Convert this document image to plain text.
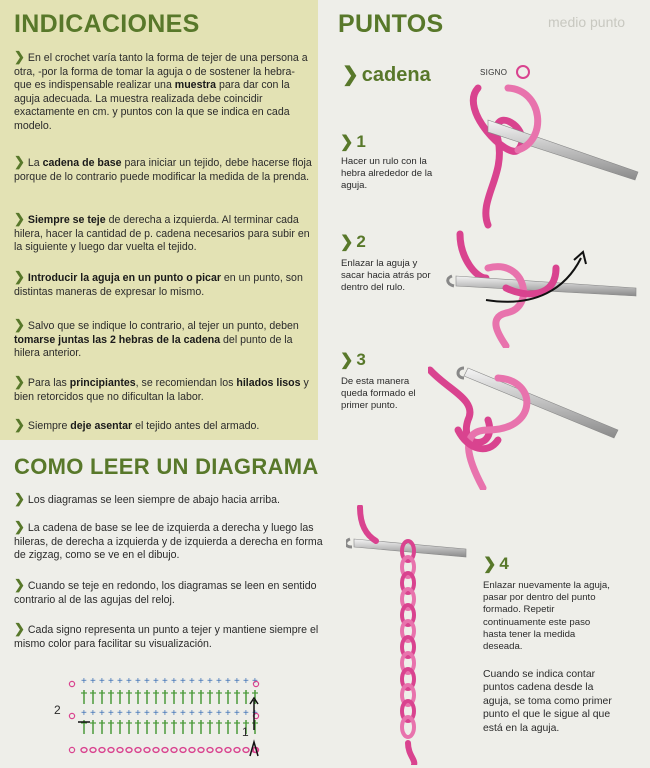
medio punto
INDICACIONES
❯ En el crochet varía tanto la forma de tejer de una persona a otra, -por la forma de tomar la aguja o de sostener la hebra- que es indispensable realizar una muestra para dar con la aguja adecuada. La muestra realizada debe coincidir exactamente en cm. y puntos con la que se indica en cada modelo.
❯ La cadena de base para iniciar un tejido, debe hacerse floja porque de lo contrario puede modificar la medida de la prenda.
❯ Siempre se teje de derecha a izquierda. Al terminar cada hilera, hacer la cantidad de p. cadena necesarios para subir en la siguiente y luego dar vuelta el tejido.
❯ Introducir la aguja en un punto o picar en un punto, son distintas maneras de expresar lo mismo.
❯ Salvo que se indique lo contrario, al tejer un punto, deben tomarse juntas las 2 hebras de la cadena del punto de la hilera anterior.
❯ Para las principiantes, se recomiendan los hilados lisos y bien retorcidos que no dificultan la labor.
❯ Siempre deje asentar el tejido antes del armado.
COMO LEER UN DIAGRAMA
❯ Los diagramas se leen siempre de abajo hacia arriba.
❯ La cadena de base se lee de izquierda a derecha y luego las hileras, de derecha a izquierda y de izquierda a derecha en forma de zigzag, como se ve en el dibujo.
❯ Cuando se teje en redondo, los diagramas se leen en sentido contrario al de las agujas del reloj.
❯ Cada signo representa un punto a tejer y mantiene siempre el mismo color para facilitar su visualización.
+ + + + + + + + + + + + + + + + + + + +
+ + + + + + + + + + + + + + + + + + + +
2
1
PUNTOS
❯ cadena	SIGNO
❯ 1
Hacer un rulo con la hebra alrededor de la aguja.
❯ 2
Enlazar la aguja y sacar hacia atrás por dentro del rulo.
❯ 3
De esta manera queda formado el primer punto.
❯ 4
Enlazar nuevamente la aguja, pasar por dentro del punto formado. Repetir continuamente este paso hasta tener la medida deseada.
Cuando se indica contar puntos cadena desde la aguja, se toma como primer punto el que le sigue al que está en la aguja.
